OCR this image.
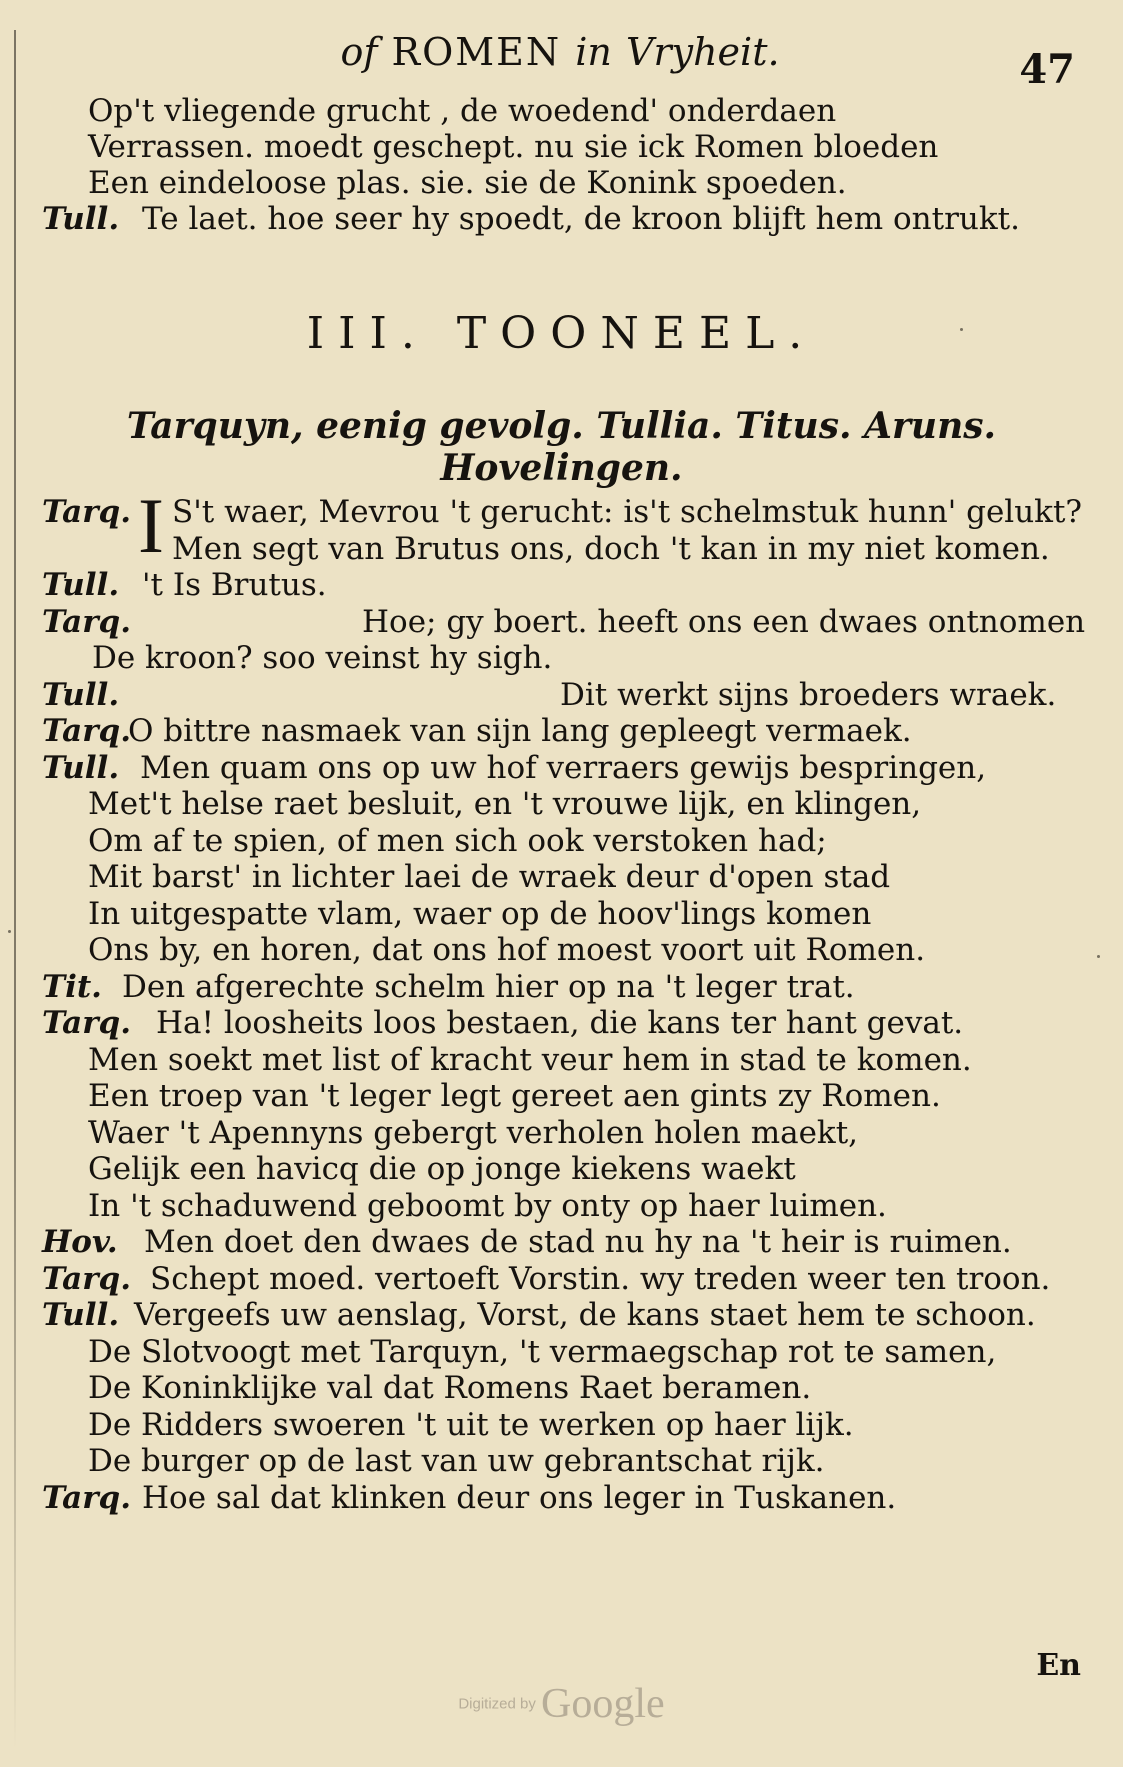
of ROMEN in Vryheit.	47
Op't vliegende grucht , de woedend' onderdaen
Verrassen. moedt geschept. nu sie ick Romen bloeden
Een eindeloose plas. sie. sie de Konink spoeden.
Tull. Te laet. hoe seer hy spoedt, de kroon blijft hem ontrukt.
III. TOONEEL.
Tarquyn, eenig gevolg. Tullia. Titus. Aruns. Hovelingen.
I
Tarq. S't waer, Mevrou 't gerucht: is't schelmstuk hunn' gelukt?
Men segt van Brutus ons, doch 't kan in my niet komen.
Tull. 't Is Brutus.
Tarq.	Hoe; gy boert. heeft ons een dwaes ontnomen
De kroon? soo veinst hy sigh.
Tull.	Dit werkt sijns broeders wraek.
Tarq.
O bittre nasmaek van sijn lang gepleegt vermaek.
Tull. Men quam ons op uw hof verraers gewijs bespringen,
Met't helse raet besluit, en 't vrouwe lijk, en klingen,
Om af te spien, of men sich ook verstoken had;
Mit barst' in lichter laei de wraek deur d'open stad
In uitgespatte vlam, waer op de hoov'lings komen
Ons by, en horen, dat ons hof moest voort uit Romen.
Tit. Den afgerechte schelm hier op na 't leger trat.
Tarq. Ha! loosheits loos bestaen, die kans ter hant gevat.
Men soekt met list of kracht veur hem in stad te komen.
Een troep van 't leger legt gereet aen gints zy Romen.
Waer 't Apennyns gebergt verholen holen maekt,
Gelijk een havicq die op jonge kiekens waekt
In 't schaduwend geboomt by onty op haer luimen.
Hov. Men doet den dwaes de stad nu hy na 't heir is ruimen.
Tarq. Schept moed. vertoeft Vorstin. wy treden weer ten troon.
Tull. Vergeefs uw aenslag, Vorst, de kans staet hem te schoon.
De Slotvoogt met Tarquyn, 't vermaegschap rot te samen,
De Koninklijke val dat Romens Raet beramen.
De Ridders swoeren 't uit te werken op haer lijk.
De burger op de last van uw gebrantschat rijk.
Tarq. Hoe sal dat klinken deur ons leger in Tuskanen.
En
Digitized by Google
